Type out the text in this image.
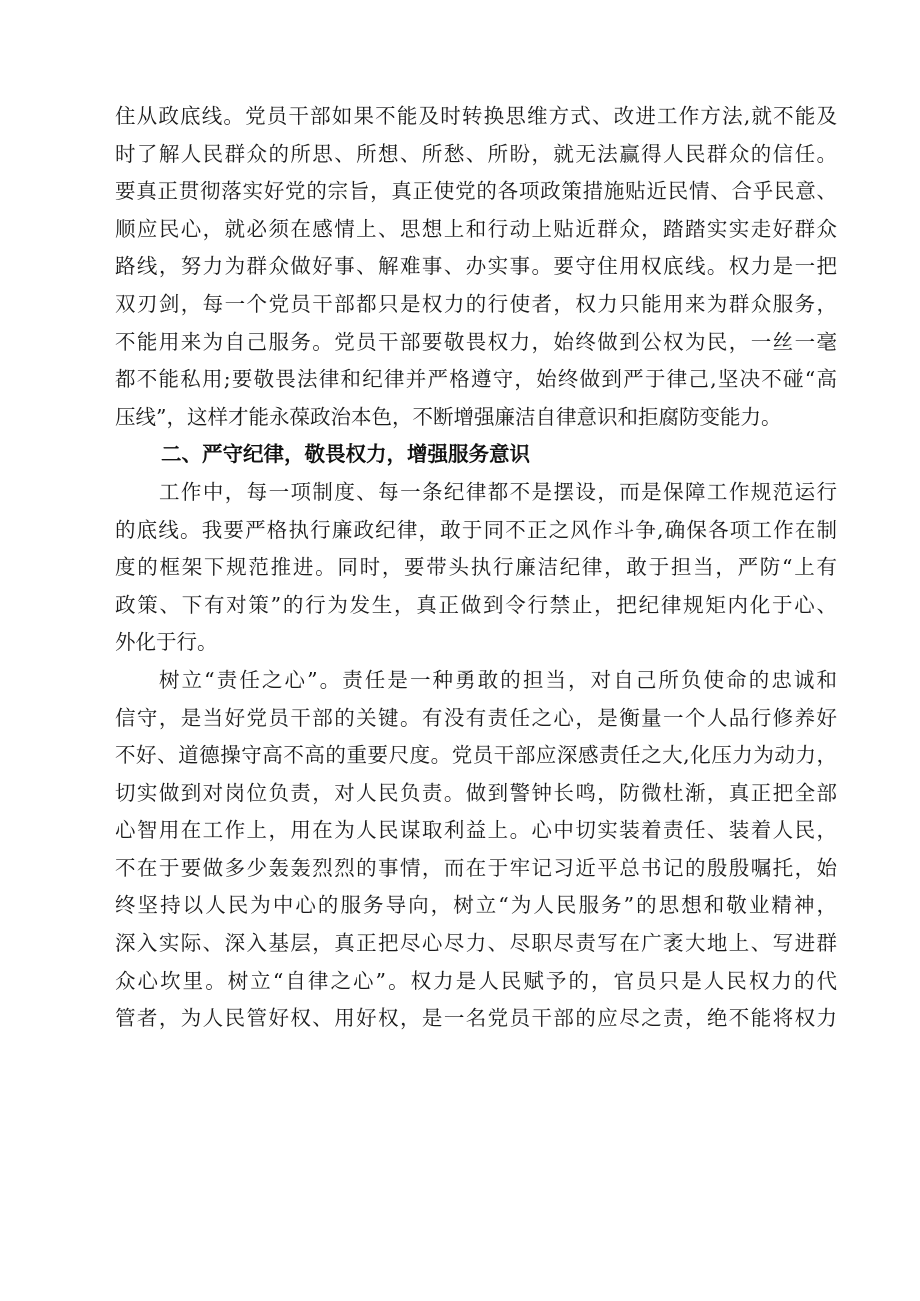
住从政底线。党员干部如果不能及时转换思维方式、改进工作方法,就不能及
时了解人民群众的所思、所想、所愁、所盼，就无法赢得人民群众的信任。
要真正贯彻落实好党的宗旨，真正使党的各项政策措施贴近民情、合乎民意、
顺应民心，就必须在感情上、思想上和行动上贴近群众，踏踏实实走好群众
路线，努力为群众做好事、解难事、办实事。要守住用权底线。权力是一把
双刃剑，每一个党员干部都只是权力的行使者，权力只能用来为群众服务，
不能用来为自己服务。党员干部要敬畏权力，始终做到公权为民，一丝一毫
都不能私用;要敬畏法律和纪律并严格遵守，始终做到严于律己,坚决不碰“高
压线”，这样才能永葆政治本色，不断增强廉洁自律意识和拒腐防变能力。
二、严守纪律，敬畏权力，增强服务意识
工作中，每一项制度、每一条纪律都不是摆设，而是保障工作规范运行
的底线。我要严格执行廉政纪律，敢于同不正之风作斗争,确保各项工作在制
度的框架下规范推进。同时，要带头执行廉洁纪律，敢于担当，严防“上有
政策、下有对策”的行为发生，真正做到令行禁止，把纪律规矩内化于心、
外化于行。
树立“责任之心”。责任是一种勇敢的担当，对自己所负使命的忠诚和
信守，是当好党员干部的关键。有没有责任之心，是衡量一个人品行修养好
不好、道德操守高不高的重要尺度。党员干部应深感责任之大,化压力为动力，
切实做到对岗位负责，对人民负责。做到警钟长鸣，防微杜渐，真正把全部
心智用在工作上，用在为人民谋取利益上。心中切实装着责任、装着人民，
不在于要做多少轰轰烈烈的事情，而在于牢记习近平总书记的殷殷嘱托，始
终坚持以人民为中心的服务导向，树立“为人民服务”的思想和敬业精神，
深入实际、深入基层，真正把尽心尽力、尽职尽责写在广袤大地上、写进群
众心坎里。树立“自律之心”。权力是人民赋予的，官员只是人民权力的代
管者，为人民管好权、用好权，是一名党员干部的应尽之责，绝不能将权力
